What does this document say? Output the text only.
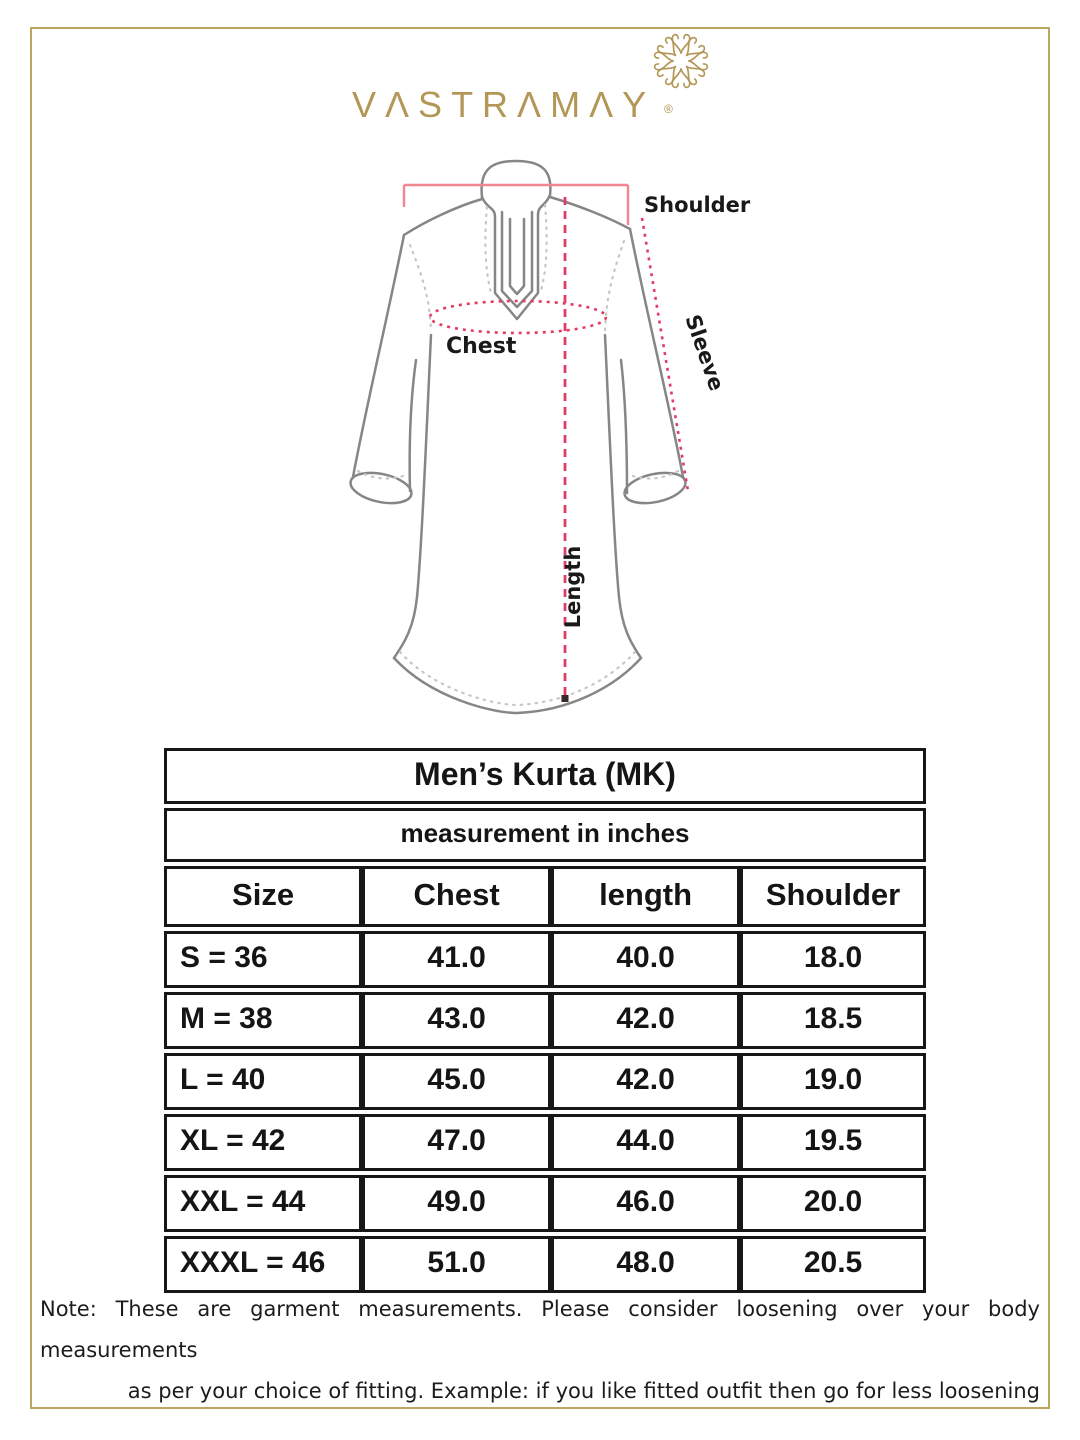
VΛSTRΛMΛY ®
Shoulder
Chest	Sleeve
Length
Men’s Kurta (MK)			
measurement in inches			
Size	Chest	length	Shoulder
S = 36	41.0	40.0	18.0
M = 38	43.0	42.0	18.5
L = 40	45.0	42.0	19.0
XL = 42	47.0	44.0	19.5
XXL = 44	49.0	46.0	20.0
XXXL = 46	51.0	48.0	20.5
Note: These are garment measurements. Please consider loosening over your body measurements
as per your choice of fitting. Example: if you like fitted outfit then go for less loosening
